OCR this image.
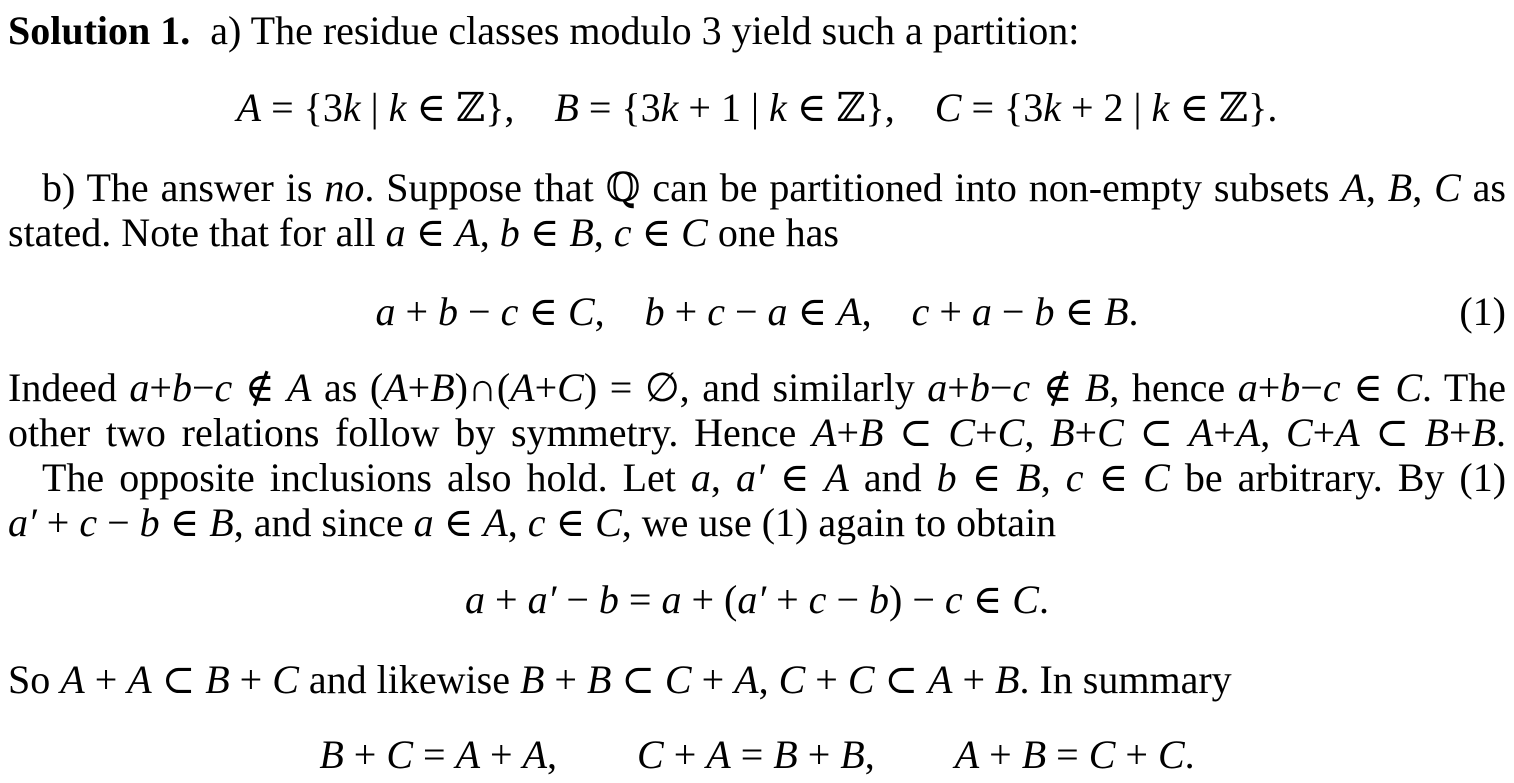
Solution 1.  a) The residue classes modulo 3 yield such a partition:
A = {3k | k ∈ ℤ}, B = {3k + 1 | k ∈ ℤ}, C = {3k + 2 | k ∈ ℤ}.
b) The answer is no. Suppose that ℚ can be partitioned into non-empty subsets A, B, C as
stated. Note that for all a ∈ A, b ∈ B, c ∈ C one has
(1)
a + b − c ∈ C, b + c − a ∈ A, c + a − b ∈ B.
Indeed a+b−c ∉ A as (A+B)∩(A+C) = ∅, and similarly a+b−c ∉ B, hence a+b−c ∈ C. The
other two relations follow by symmetry. Hence A+B ⊂ C+C, B+C ⊂ A+A, C+A ⊂ B+B.
The opposite inclusions also hold. Let a, a′ ∈ A and b ∈ B, c ∈ C be arbitrary. By (1)
a′ + c − b ∈ B, and since a ∈ A, c ∈ C, we use (1) again to obtain
a + a′ − b = a + (a′ + c − b) − c ∈ C.
So A + A ⊂ B + C and likewise B + B ⊂ C + A, C + C ⊂ A + B. In summary
B + C = A + A,  C + A = B + B,  A + B = C + C.
